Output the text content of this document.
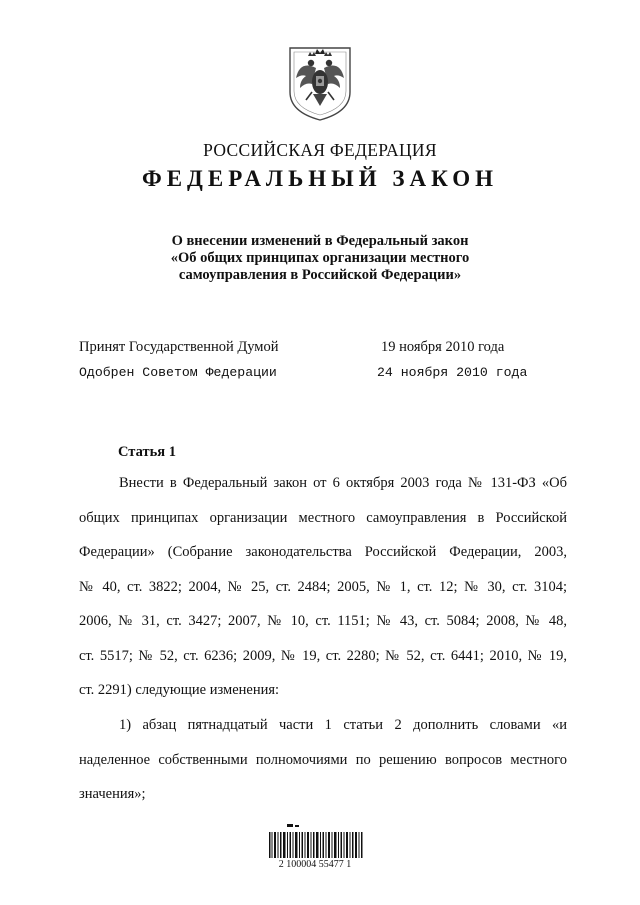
РОССИЙСКАЯ ФЕДЕРАЦИЯ
ФЕДЕРАЛЬНЫЙ ЗАКОН
О внесении изменений в Федеральный закон
«Об общих принципах организации местного
самоуправления в Российской Федерации»
Принят Государственной Думой	19 ноября 2010 года
Одобрен Советом Федерации	24 ноября 2010 года
Статья 1
Внести в Федеральный закон от 6 октября 2003 года № 131-ФЗ «Об
общих принципах организации местного самоуправления в Российской
Федерации» (Собрание законодательства Российской Федерации, 2003,
№ 40, ст. 3822; 2004, № 25, ст. 2484; 2005, № 1, ст. 12; № 30, ст. 3104;
2006, № 31, ст. 3427; 2007, № 10, ст. 1151; № 43, ст. 5084; 2008, № 48,
ст. 5517; № 52, ст. 6236; 2009, № 19, ст. 2280; № 52, ст. 6441; 2010, № 19,
ст. 2291) следующие изменения:
1) абзац пятнадцатый части 1 статьи 2 дополнить словами «и
наделенное собственными полномочиями по решению вопросов местного
значения»;
2 100004 55477 1
